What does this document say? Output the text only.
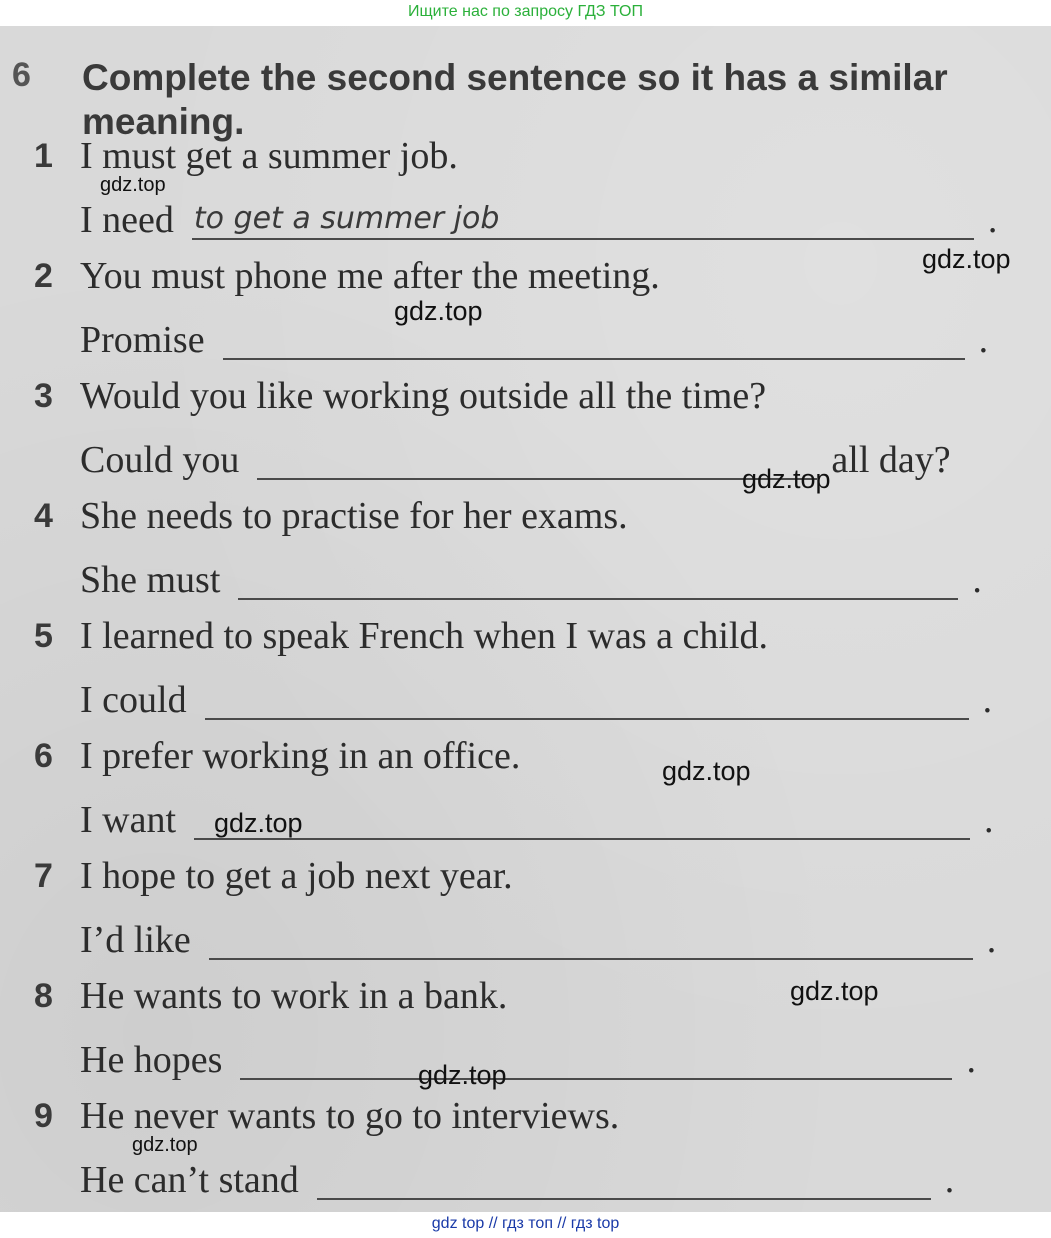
Ищите нас по запросу ГДЗ ТОП
6 Complete the second sentence so it has a similar meaning.
1 I must get a summer job.
I need to get a summer job	.
2 You must phone me after the meeting.
Promise	.
3 Would you like working outside all the time?
Could you	all day?
4 She needs to practise for her exams.
She must	.
5 I learned to speak French when I was a child.
I could	.
6 I prefer working in an office.
I want	.
7 I hope to get a job next year.
I’d like	.
8 He wants to work in a bank.
He hopes	.
9 He never wants to go to interviews.
He can’t stand	.
gdz.top
gdz.top
gdz.top
gdz.top
gdz.top
gdz.top
gdz.top
gdz.top
gdz.top
gdz top // гдз топ // гдз top
